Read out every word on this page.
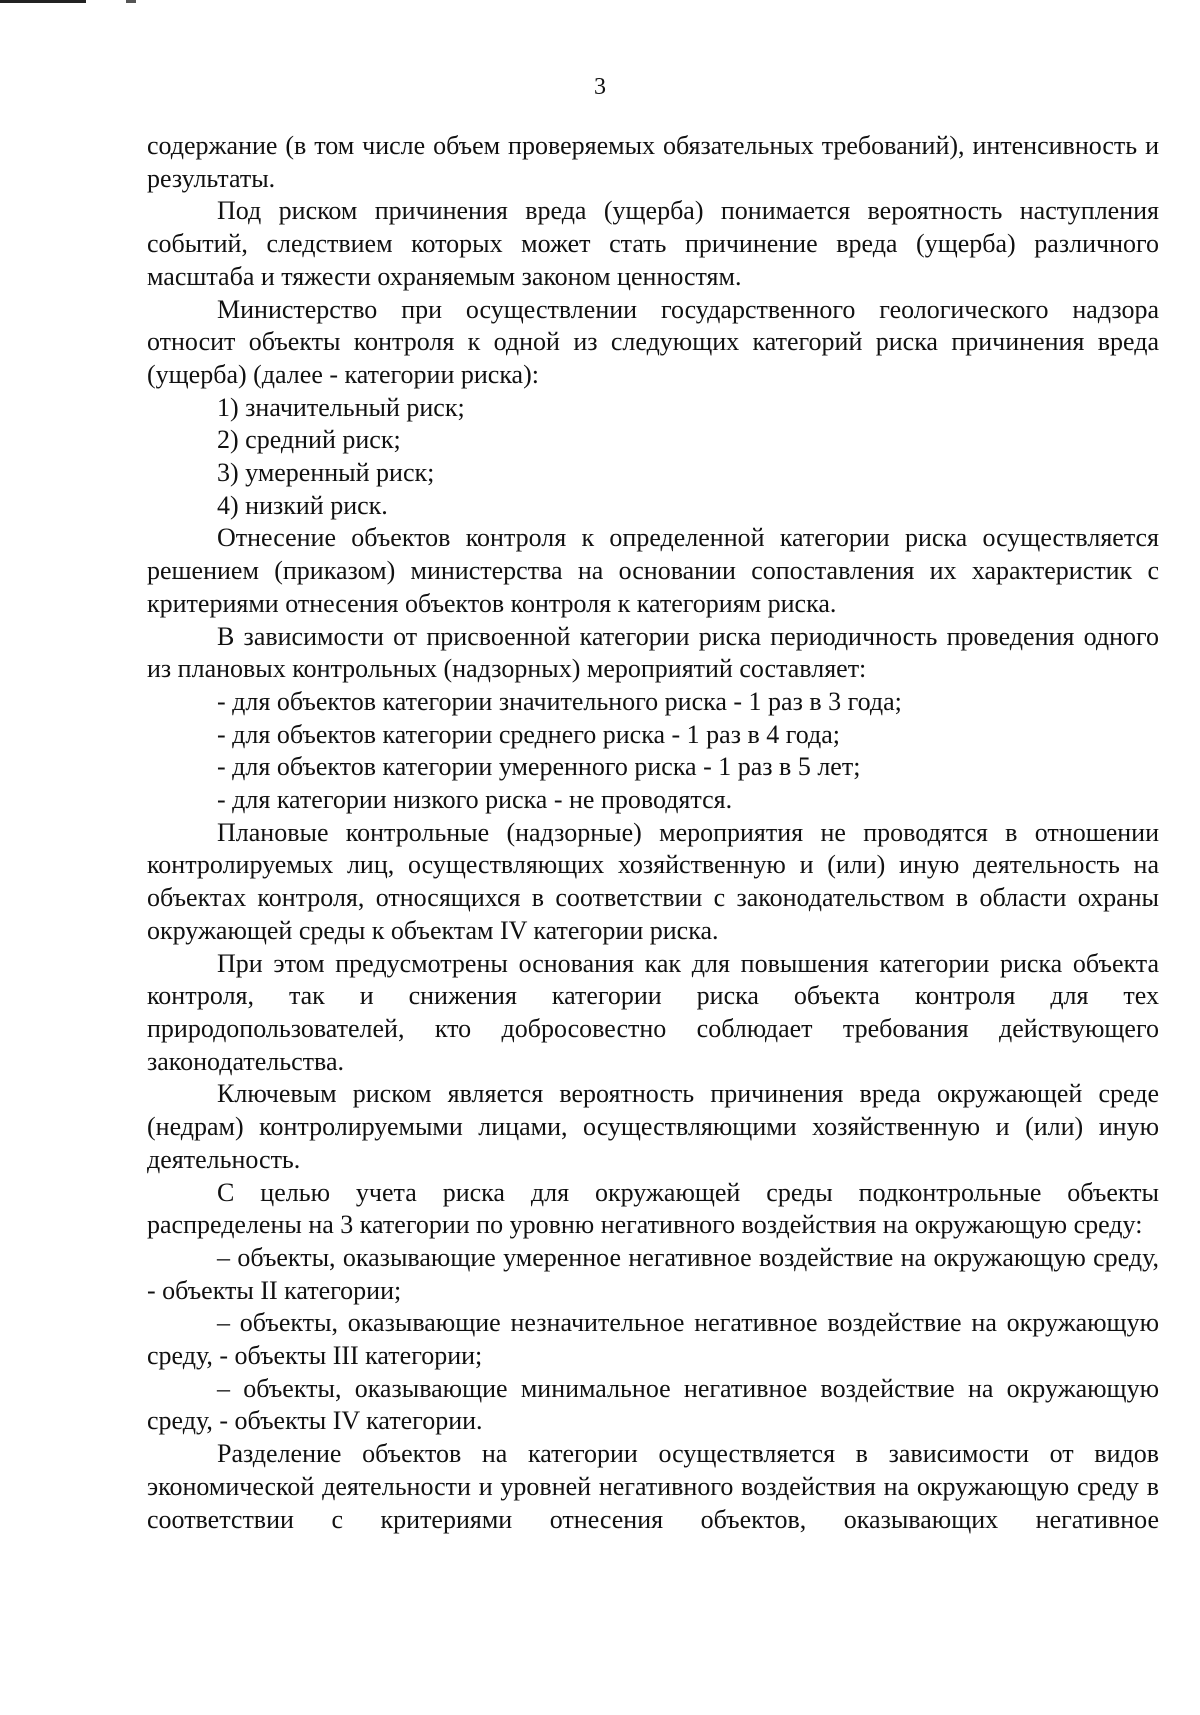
3

содержание (в том числе объем проверяемых обязательных требований), интенсивность и результаты.

Под риском причинения вреда (ущерба) понимается вероятность наступления событий, следствием которых может стать причинение вреда (ущерба) различного масштаба и тяжести охраняемым законом ценностям.

Министерство при осуществлении государственного геологического надзора относит объекты контроля к одной из следующих категорий риска причинения вреда (ущерба) (далее - категории риска):

1) значительный риск;

2) средний риск;

3) умеренный риск;

4) низкий риск.

Отнесение объектов контроля к определенной категории риска осуществляется решением (приказом) министерства на основании сопоставления их характеристик с критериями отнесения объектов контроля к категориям риска.

В зависимости от присвоенной категории риска периодичность проведения одного из плановых контрольных (надзорных) мероприятий составляет:

- для объектов категории значительного риска - 1 раз в 3 года;

- для объектов категории среднего риска - 1 раз в 4 года;

- для объектов категории умеренного риска - 1 раз в 5 лет;

- для категории низкого риска - не проводятся.

Плановые контрольные (надзорные) мероприятия не проводятся в отношении контролируемых лиц, осуществляющих хозяйственную и (или) иную деятельность на объектах контроля, относящихся в соответствии с законодательством в области охраны окружающей среды к объектам IV категории риска.

При этом предусмотрены основания как для повышения категории риска объекта контроля, так и снижения категории риска объекта контроля для тех природопользователей, кто добросовестно соблюдает требования действующего законодательства.

Ключевым риском является вероятность причинения вреда окружающей среде (недрам) контролируемыми лицами, осуществляющими хозяйственную и (или) иную деятельность.

С целью учета риска для окружающей среды подконтрольные объекты распределены на 3 категории по уровню негативного воздействия на окружающую среду:

– объекты, оказывающие умеренное негативное воздействие на окружающую среду, - объекты II категории;

– объекты, оказывающие незначительное негативное воздействие на окружающую среду, - объекты III категории;

– объекты, оказывающие минимальное негативное воздействие на окружающую среду, - объекты IV категории.

Разделение объектов на категории осуществляется в зависимости от видов экономической деятельности и уровней негативного воздействия на окружающую среду в соответствии с критериями отнесения объектов, оказывающих негативное
